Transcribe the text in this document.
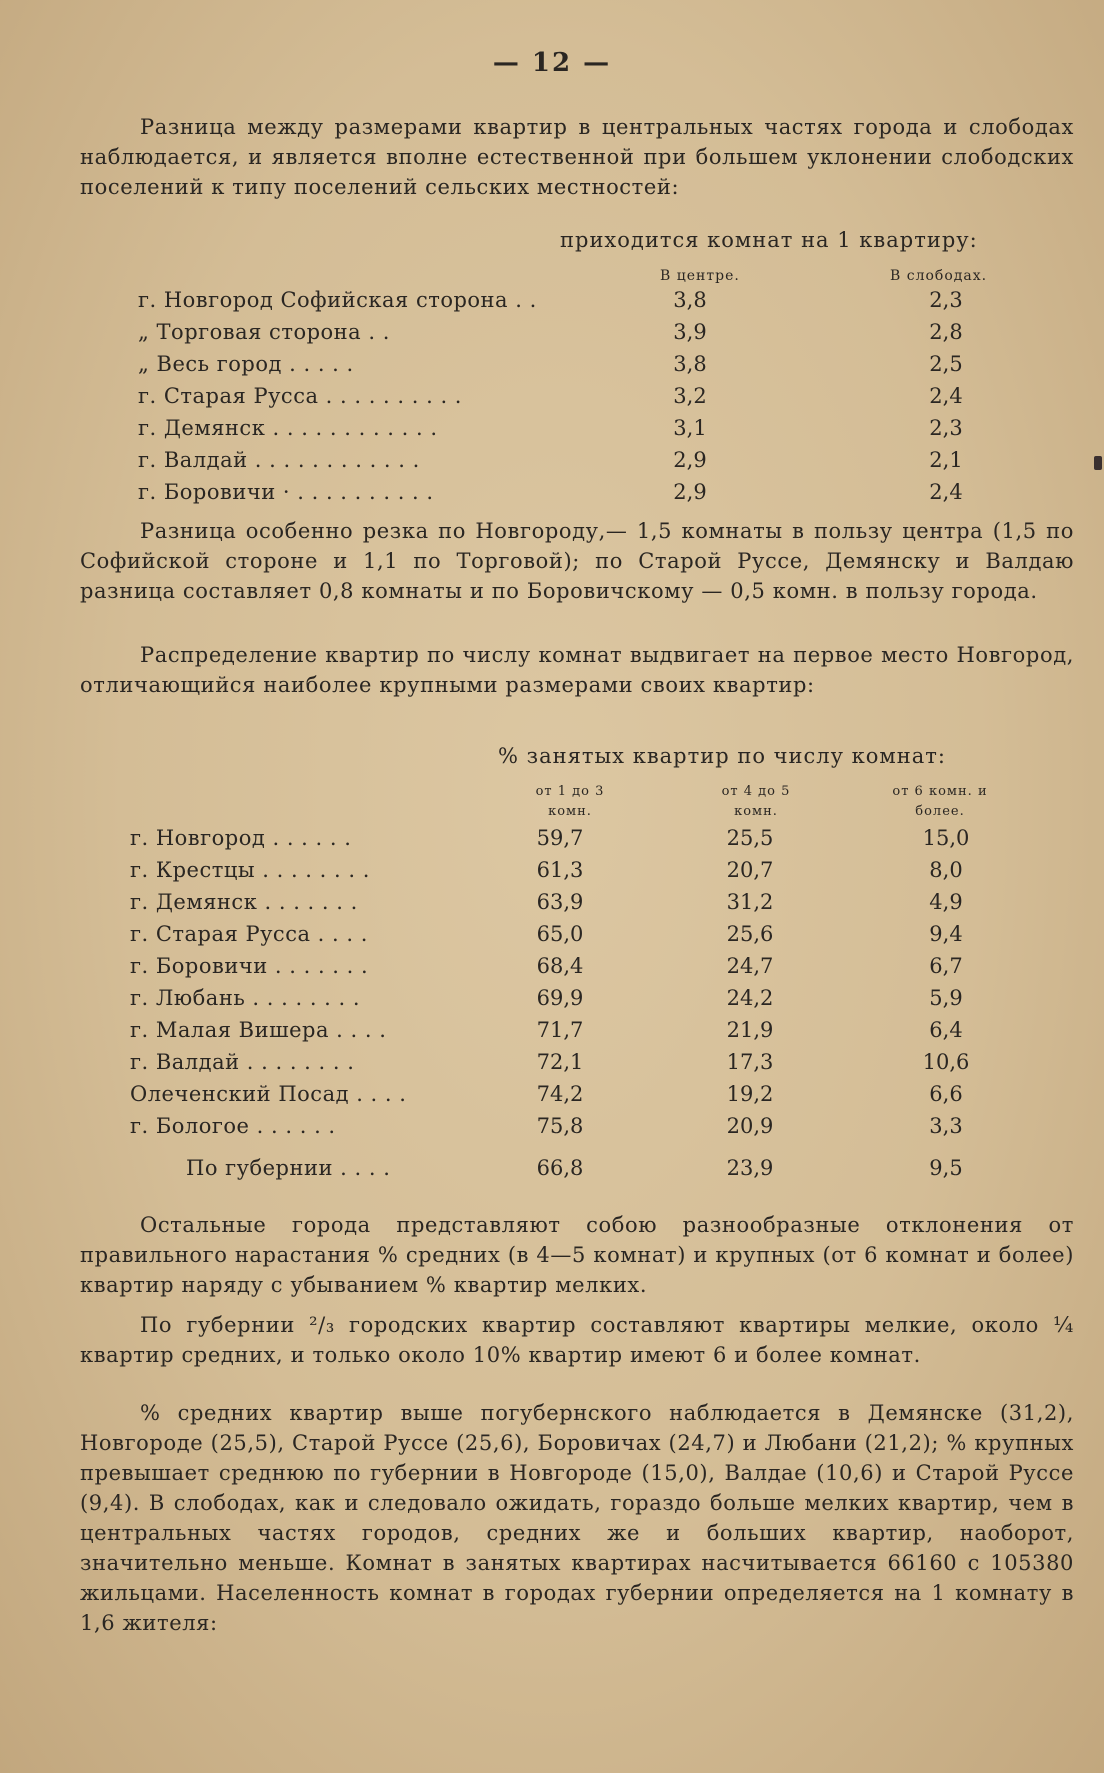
— 12 —
Разница между размерами квартир в центральных частях города и слободах наблюдается, и является вполне естественной при большем уклонении слободских поселений к типу поселений сельских местностей:
приходится комнат на 1 квартиру:
В центре.	В слободах.
г. Новгород Софийская сторона . .	3,8	2,3
„ Торговая сторона . .	3,9	2,8
„ Весь город . . . . .	3,8	2,5
г. Старая Русса . . . . . . . . . .	3,2	2,4
г. Демянск . . . . . . . . . . . .	3,1	2,3
г. Валдай . . . . . . . . . . . .	2,9	2,1
г. Боровичи · . . . . . . . . . .	2,9	2,4
Разница особенно резка по Новгороду,— 1,5 комнаты в пользу центра (1,5 по Софийской стороне и 1,1 по Торговой); по Старой Руссе, Демянску и Валдаю разница составляет 0,8 комнаты и по Боровичскому — 0,5 комн. в пользу города.
Распределение квартир по числу комнат выдвигает на первое место Новгород, отличающийся наиболее крупными размерами своих квартир:
% занятых квартир по числу комнат:
от 1 до 3 комн.
от 4 до 5 комн.
от 6 комн. и более.
г. Новгород . . . . . .	59,7	25,5	15,0
г. Крестцы . . . . . . . .	61,3	20,7	8,0
г. Демянск . . . . . . .	63,9	31,2	4,9
г. Старая Русса . . . .	65,0	25,6	9,4
г. Боровичи . . . . . . .	68,4	24,7	6,7
г. Любань . . . . . . . .	69,9	24,2	5,9
г. Малая Вишера . . . .	71,7	21,9	6,4
г. Валдай . . . . . . . .	72,1	17,3	10,6
Олеченский Посад . . . .	74,2	19,2	6,6
г. Бологое . . . . . .	75,8	20,9	3,3
По губернии . . . .	66,8	23,9	9,5
Остальные города представляют собою разнообразные отклонения от правильного нарастания % средних (в 4—5 комнат) и крупных (от 6 комнат и более) квартир наряду с убыванием % квартир мелких.
По губернии ²/₃ городских квартир составляют квартиры мелкие, около ¼ квартир средних, и только около 10% квартир имеют 6 и более комнат.
% средних квартир выше погубернского наблюдается в Демянске (31,2), Новгороде (25,5), Старой Руссе (25,6), Боровичах (24,7) и Любани (21,2); % крупных превышает среднюю по губернии в Новгороде (15,0), Валдае (10,6) и Старой Руссе (9,4). В слободах, как и следовало ожидать, гораздо больше мелких квартир, чем в центральных частях городов, средних же и больших квартир, наоборот, значительно меньше. Комнат в занятых квартирах насчитывается 66160 с 105380 жильцами. Населенность комнат в городах губернии определяется на 1 комнату в 1,6 жителя:
